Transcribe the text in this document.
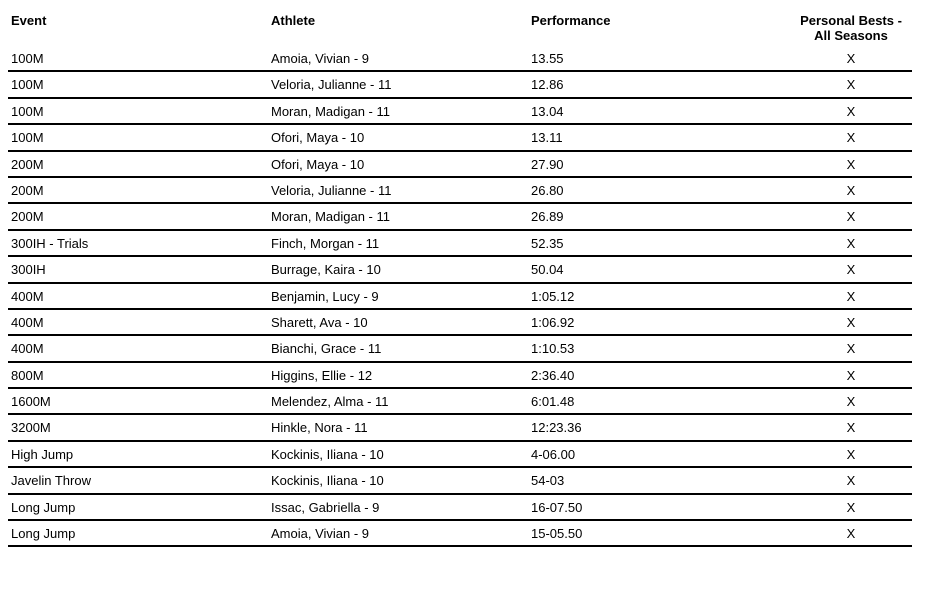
Event	Athlete	Performance	Personal Bests -
All Seasons
100M	Amoia, Vivian - 9	13.55	X
100M	Veloria, Julianne - 11	12.86	X
100M	Moran, Madigan - 11	13.04	X
100M	Ofori, Maya - 10	13.11	X
200M	Ofori, Maya - 10	27.90	X
200M	Veloria, Julianne - 11	26.80	X
200M	Moran, Madigan - 11	26.89	X
300IH - Trials	Finch, Morgan - 11	52.35	X
300IH	Burrage, Kaira - 10	50.04	X
400M	Benjamin, Lucy - 9	1:05.12	X
400M	Sharett, Ava - 10	1:06.92	X
400M	Bianchi, Grace - 11	1:10.53	X
800M	Higgins, Ellie - 12	2:36.40	X
1600M	Melendez, Alma - 11	6:01.48	X
3200M	Hinkle, Nora - 11	12:23.36	X
High Jump	Kockinis, Iliana - 10	4-06.00	X
Javelin Throw	Kockinis, Iliana - 10	54-03	X
Long Jump	Issac, Gabriella - 9	16-07.50	X
Long Jump	Amoia, Vivian - 9	15-05.50	X
